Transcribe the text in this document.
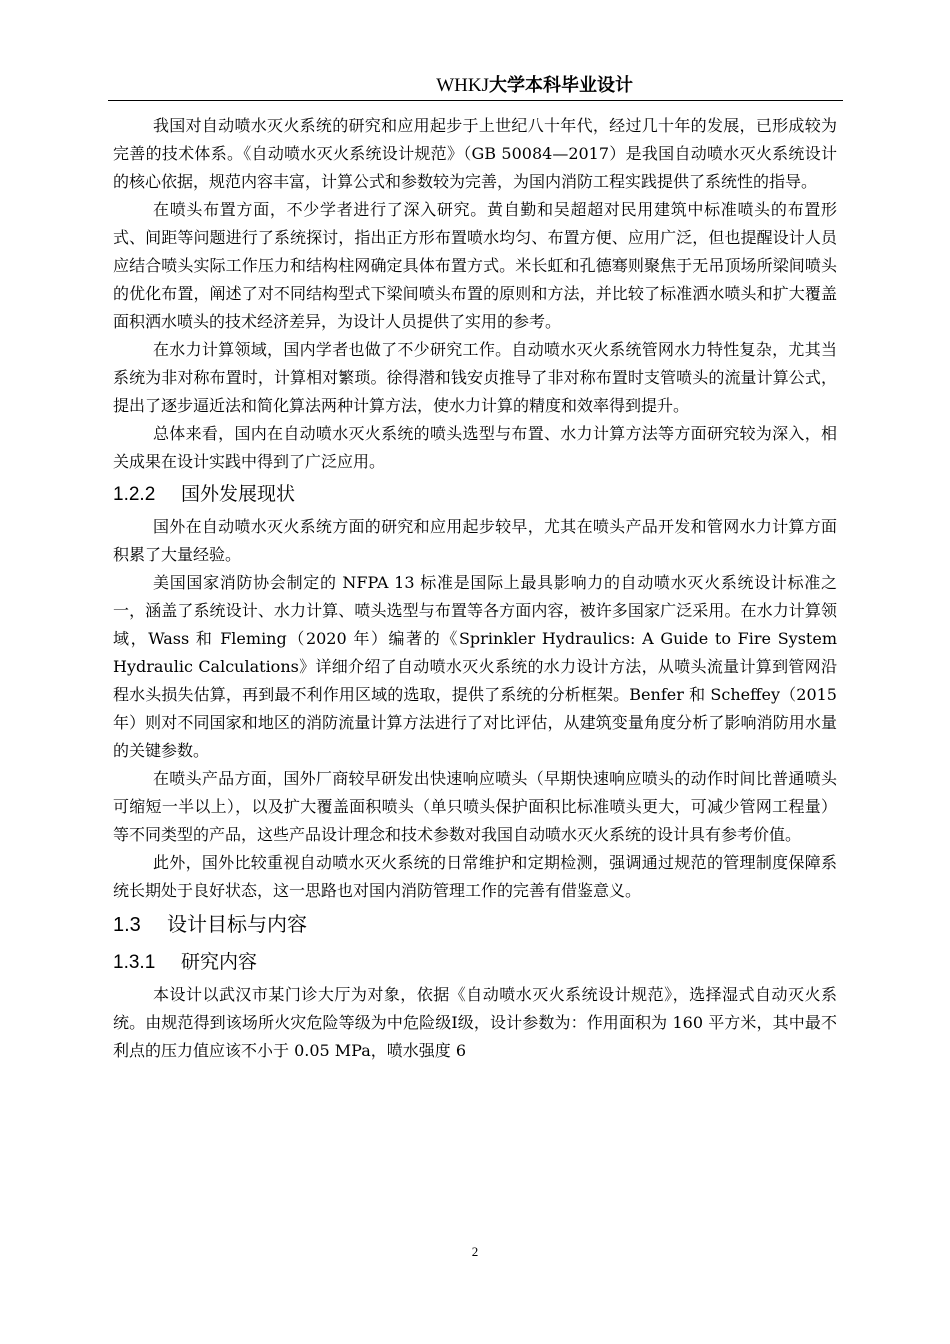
WHKJ大学本科毕业设计

我国对自动喷水灭火系统的研究和应用起步于上世纪八十年代，经过几十年的发展，已形成较为完善的技术体系。《自动喷水灭火系统设计规范》（GB 50084—2017）是我国自动喷水灭火系统设计的核心依据，规范内容丰富，计算公式和参数较为完善，为国内消防工程实践提供了系统性的指导。

在喷头布置方面，不少学者进行了深入研究。黄自勤和吴超超对民用建筑中标准喷头的布置形式、间距等问题进行了系统探讨，指出正方形布置喷水均匀、布置方便、应用广泛，但也提醒设计人员应结合喷头实际工作压力和结构柱网确定具体布置方式。米长虹和孔德骞则聚焦于无吊顶场所梁间喷头的优化布置，阐述了对不同结构型式下梁间喷头布置的原则和方法，并比较了标准洒水喷头和扩大覆盖面积洒水喷头的技术经济差异，为设计人员提供了实用的参考。

在水力计算领域，国内学者也做了不少研究工作。自动喷水灭火系统管网水力特性复杂，尤其当系统为非对称布置时，计算相对繁琐。徐得潜和钱安贞推导了非对称布置时支管喷头的流量计算公式，提出了逐步逼近法和简化算法两种计算方法，使水力计算的精度和效率得到提升。

总体来看，国内在自动喷水灭火系统的喷头选型与布置、水力计算方法等方面研究较为深入，相关成果在设计实践中得到了广泛应用。

1.2.2 国外发展现状

国外在自动喷水灭火系统方面的研究和应用起步较早，尤其在喷头产品开发和管网水力计算方面积累了大量经验。

美国国家消防协会制定的 NFPA 13 标准是国际上最具影响力的自动喷水灭火系统设计标准之一，涵盖了系统设计、水力计算、喷头选型与布置等各方面内容，被许多国家广泛采用。在水力计算领域，Wass 和 Fleming（2020 年）编著的《Sprinkler Hydraulics: A Guide to Fire System Hydraulic Calculations》详细介绍了自动喷水灭火系统的水力设计方法，从喷头流量计算到管网沿程水头损失估算，再到最不利作用区域的选取，提供了系统的分析框架。Benfer 和 Scheffey（2015 年）则对不同国家和地区的消防流量计算方法进行了对比评估，从建筑变量角度分析了影响消防用水量的关键参数。

在喷头产品方面，国外厂商较早研发出快速响应喷头（早期快速响应喷头的动作时间比普通喷头可缩短一半以上），以及扩大覆盖面积喷头（单只喷头保护面积比标准喷头更大，可减少管网工程量）等不同类型的产品，这些产品设计理念和技术参数对我国自动喷水灭火系统的设计具有参考价值。

此外，国外比较重视自动喷水灭火系统的日常维护和定期检测，强调通过规范的管理制度保障系统长期处于良好状态，这一思路也对国内消防管理工作的完善有借鉴意义。

1.3 设计目标与内容
1.3.1 研究内容

本设计以武汉市某门诊大厅为对象，依据《自动喷水灭火系统设计规范》，选择湿式自动灭火系统。由规范得到该场所火灾危险等级为中危险级Ⅰ级，设计参数为：作用面积为 160 平方米，其中最不利点的压力值应该不小于 0.05 MPa，喷水强度 6

2
